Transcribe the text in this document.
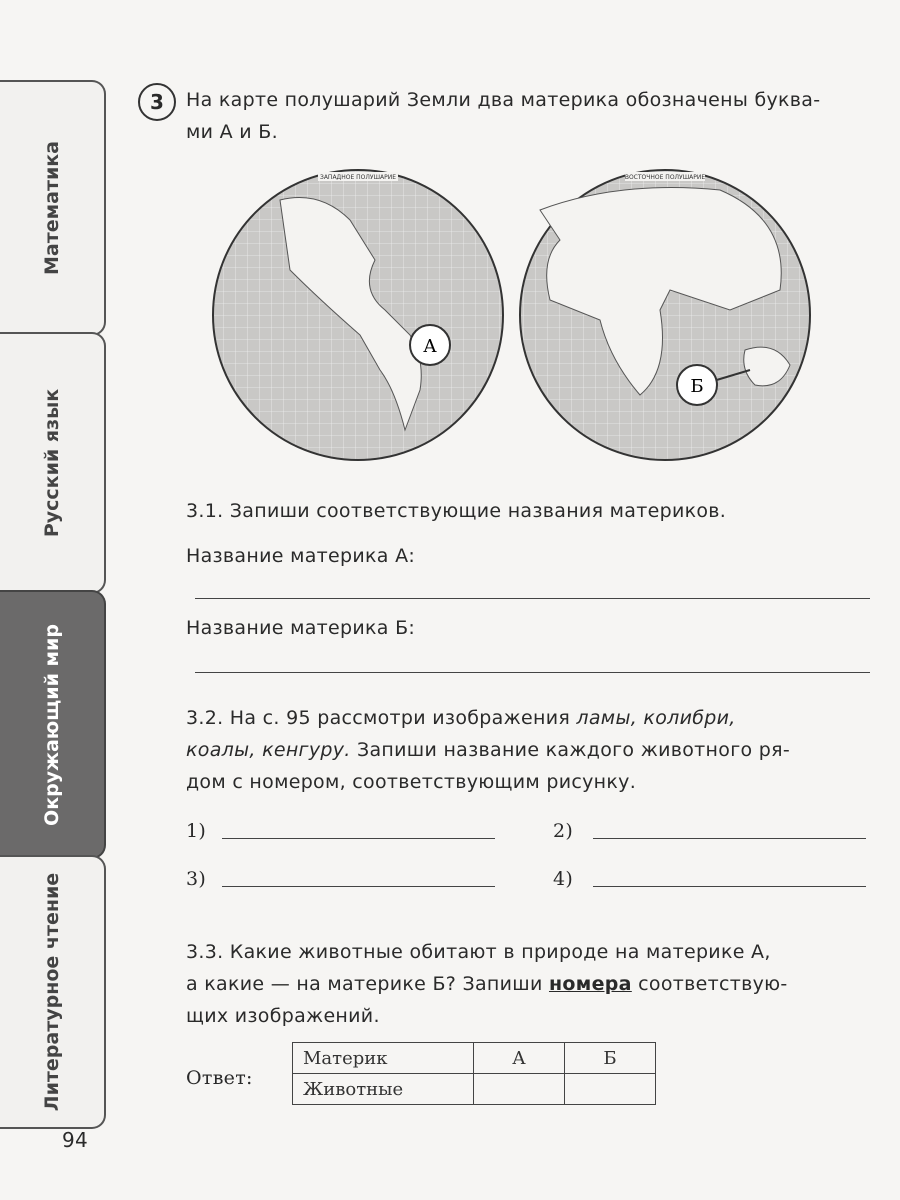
Математика
Русский язык
Окружающий мир
Литературное чтение
94
3	На карте полушарий Земли два материка обозначены буква-
ми А и Б.
ЗАПАДНОЕ ПОЛУШАРИЕ
А
ВОСТОЧНОЕ ПОЛУШАРИЕ
Б
3.1. Запиши соответствующие названия материков.
Название материка А:
Название материка Б:
3.2. На с. 95 рассмотри изображения ламы, колибри,
коалы, кенгуру. Запиши название каждого животного ря-
дом с номером, соответствующим рисунку.
1)	2)
3)	4)
3.3. Какие животные обитают в природе на материке А,
а какие — на материке Б? Запиши номера соответствую-
щих изображений.
Ответ:
Материк	А	Б
Животные		
